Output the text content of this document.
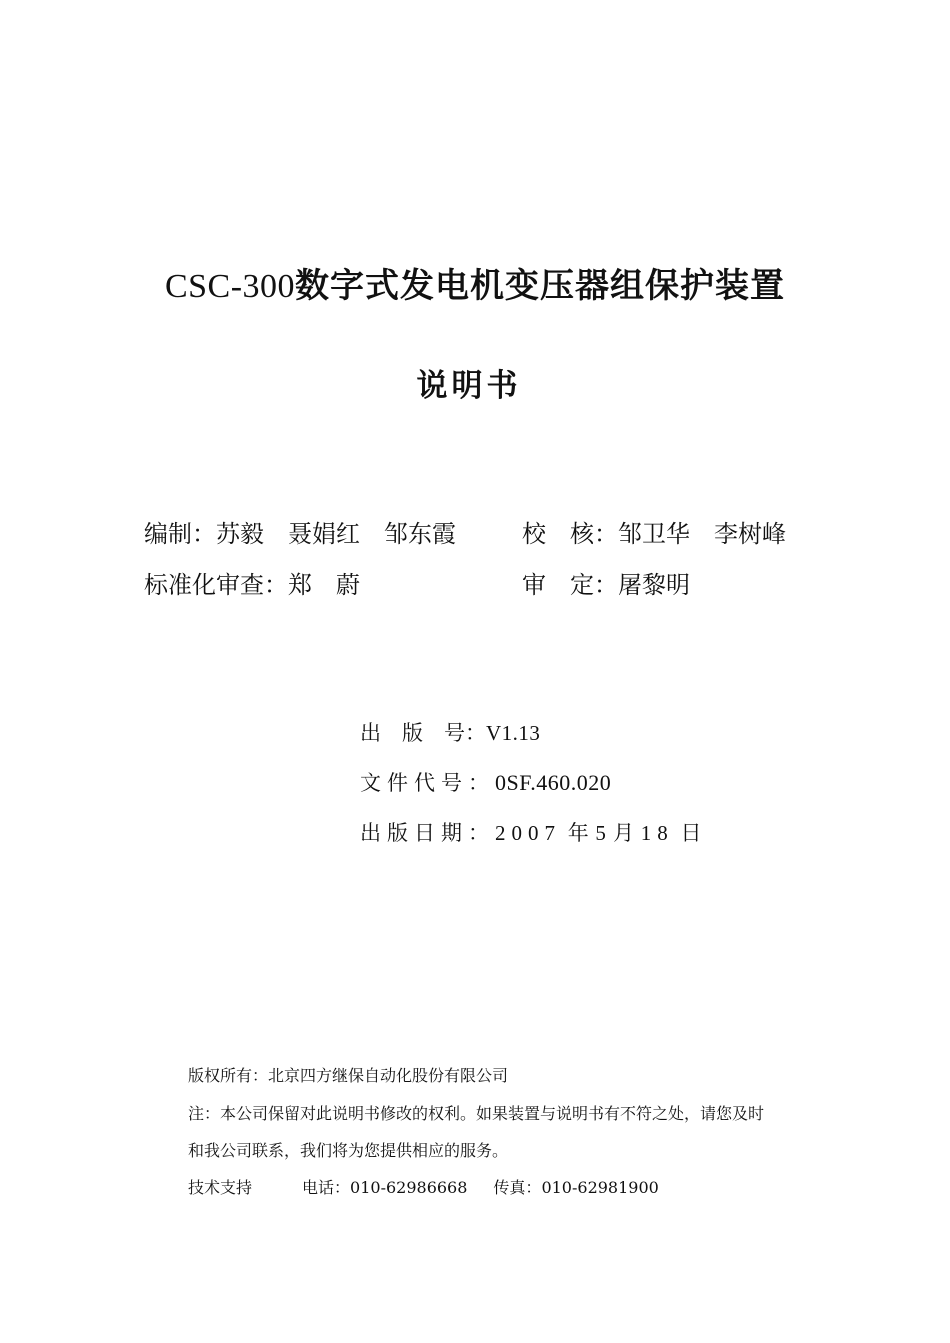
CSC-300数字式发电机变压器组保护装置
说明书
编制：苏毅　聂娟红　邹东霞	校　核：邹卫华　李树峰
标准化审查：郑　蔚	审　定：屠黎明
出　版　号：V1.13
文件代号：0SF.460.020
出版日期：2007 年 5 月 18 日
版权所有：北京四方继保自动化股份有限公司
注：本公司保留对此说明书修改的权利。如果装置与说明书有不符之处，请您及时
和我公司联系，我们将为您提供相应的服务。
技术支持	电话：010-62986668 传真：010-62981900
